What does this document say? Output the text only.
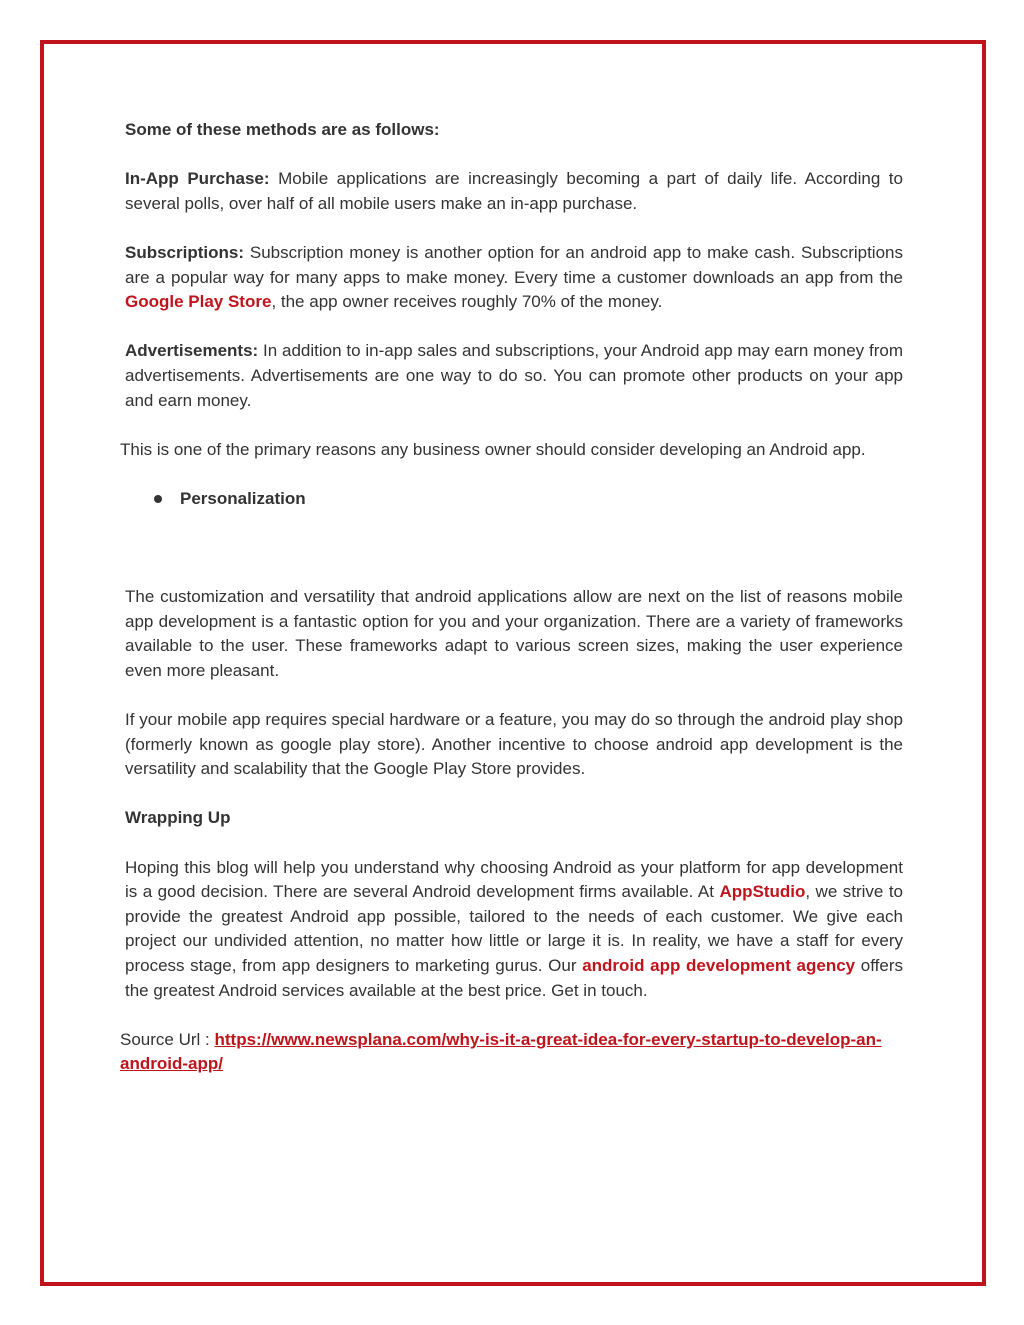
Some of these methods are as follows:

In-App Purchase: Mobile applications are increasingly becoming a part of daily life. According to several polls, over half of all mobile users make an in-app purchase.

Subscriptions: Subscription money is another option for an android app to make cash. Subscriptions are a popular way for many apps to make money. Every time a customer downloads an app from the Google Play Store, the app owner receives roughly 70% of the money.

Advertisements: In addition to in-app sales and subscriptions, your Android app may earn money from advertisements. Advertisements are one way to do so. You can promote other products on your app and earn money.

This is one of the primary reasons any business owner should consider developing an Android app.

Personalization

The customization and versatility that android applications allow are next on the list of reasons mobile app development is a fantastic option for you and your organization. There are a variety of frameworks available to the user. These frameworks adapt to various screen sizes, making the user experience even more pleasant.

If your mobile app requires special hardware or a feature, you may do so through the android play shop (formerly known as google play store). Another incentive to choose android app development is the versatility and scalability that the Google Play Store provides.

Wrapping Up

Hoping this blog will help you understand why choosing Android as your platform for app development is a good decision. There are several Android development firms available. At AppStudio, we strive to provide the greatest Android app possible, tailored to the needs of each customer. We give each project our undivided attention, no matter how little or large it is. In reality, we have a staff for every process stage, from app designers to marketing gurus. Our android app development agency offers the greatest Android services available at the best price. Get in touch.

Source Url : https://www.newsplana.com/why-is-it-a-great-idea-for-every-startup-to-develop-an-android-app/
